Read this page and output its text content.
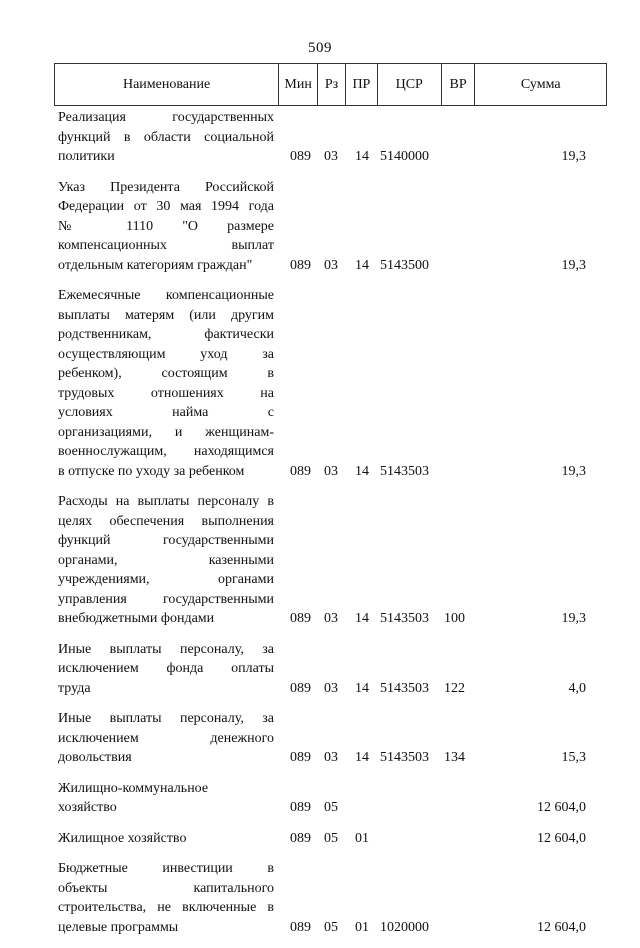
509
Наименование	Мин Рз	ПР	ЦСР	ВР	Сумма
Реализация государственных
функций в области социальной
политики	089 03 14 5140000	19,3
Указ Президента Российской
Федерации от 30 мая 1994 года
№ 1110 "О размере
компенсационных выплат
отдельным категориям граждан"	089 03 14 5143500	19,3
Ежемесячные компенсационные
выплаты матерям (или другим
родственникам, фактически
осуществляющим уход за
ребенком), состоящим в
трудовых отношениях на
условиях найма с
организациями, и женщинам-
военнослужащим, находящимся
в отпуске по уходу за ребенком	089 03 14 5143503	19,3
Расходы на выплаты персоналу в
целях обеспечения выполнения
функций государственными
органами, казенными
учреждениями, органами
управления государственными
внебюджетными фондами	089 03 14 5143503 100	19,3
Иные выплаты персоналу, за
исключением фонда оплаты
труда	089 03 14 5143503 122	4,0
Иные выплаты персоналу, за
исключением денежного
довольствия	089 03 14 5143503 134	15,3
Жилищно-коммунальное
хозяйство	089 05	12 604,0
Жилищное хозяйство	089 05 01	12 604,0
Бюджетные инвестиции в
объекты капитального
строительства, не включенные в
целевые программы	089 05 01 1020000	12 604,0
